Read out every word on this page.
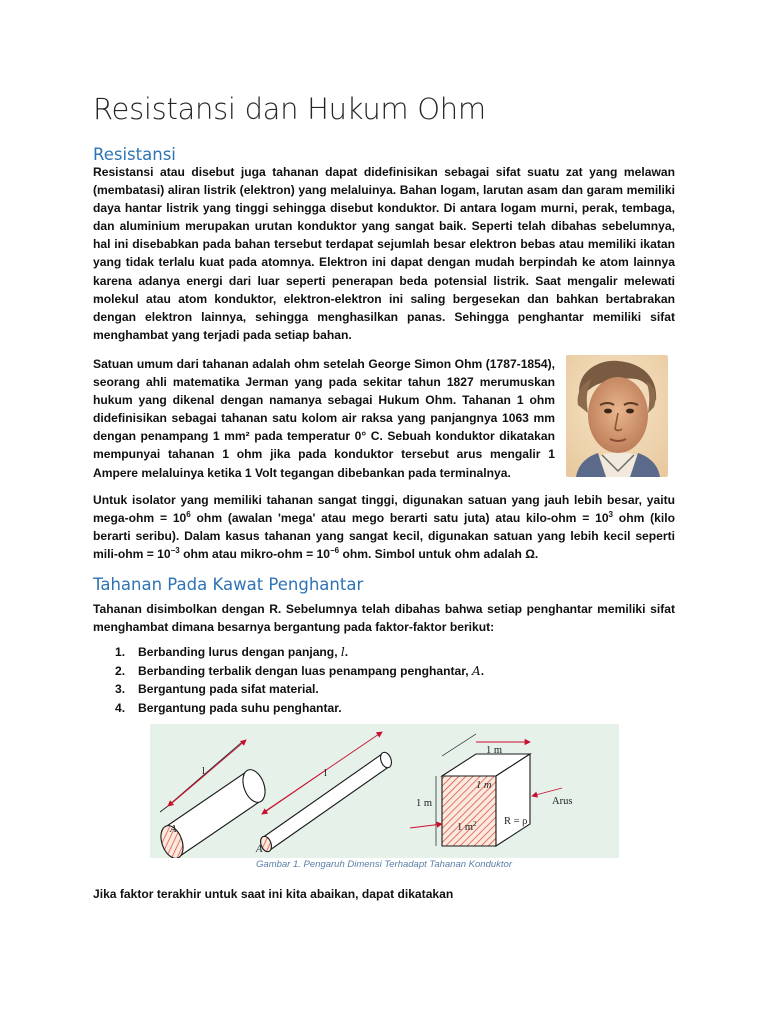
Resistansi dan Hukum Ohm
Resistansi

Resistansi atau disebut juga tahanan dapat didefinisikan sebagai sifat suatu zat yang melawan (membatasi) aliran listrik (elektron) yang melaluinya. Bahan logam, larutan asam dan garam memiliki daya hantar listrik yang tinggi sehingga disebut konduktor. Di antara logam murni, perak, tembaga, dan aluminium merupakan urutan konduktor yang sangat baik. Seperti telah dibahas sebelumnya, hal ini disebabkan pada bahan tersebut terdapat sejumlah besar elektron bebas atau memiliki ikatan yang tidak terlalu kuat pada atomnya. Elektron ini dapat dengan mudah berpindah ke atom lainnya karena adanya energi dari luar seperti penerapan beda potensial listrik. Saat mengalir melewati molekul atau atom konduktor, elektron-elektron ini saling bergesekan dan bahkan bertabrakan dengan elektron lainnya, sehingga menghasilkan panas. Sehingga penghantar memiliki sifat menghambat yang terjadi pada setiap bahan.

Satuan umum dari tahanan adalah ohm setelah George Simon Ohm (1787-1854), seorang ahli matematika Jerman yang pada sekitar tahun 1827 merumuskan hukum yang dikenal dengan namanya sebagai Hukum Ohm. Tahanan 1 ohm didefinisikan sebagai tahanan satu kolom air raksa yang panjangnya 1063 mm dengan penampang 1 mm² pada temperatur 0° C. Sebuah konduktor dikatakan mempunyai tahanan 1 ohm jika pada konduktor tersebut arus mengalir 1 Ampere melaluinya ketika 1 Volt tegangan dibebankan pada terminalnya.

Untuk isolator yang memiliki tahanan sangat tinggi, digunakan satuan yang jauh lebih besar, yaitu mega-ohm = $10^6$ ohm (awalan 'mega' atau mego berarti satu juta) atau kilo-ohm = $10^3$ ohm (kilo berarti seribu). Dalam kasus tahanan yang sangat kecil, digunakan satuan yang lebih kecil seperti mili-ohm = $10^{-3}$ ohm atau mikro-ohm = $10^{-6}$ ohm. Simbol untuk ohm adalah Ω.

Tahanan Pada Kawat Penghantar

Tahanan disimbolkan dengan R. Sebelumnya telah dibahas bahwa setiap penghantar memiliki sifat menghambat dimana besarnya bergantung pada faktor-faktor berikut:

1.	Berbanding lurus dengan panjang, l.
2.	Berbanding terbalik dengan luas penampang penghantar, A.
3.	Bergantung pada sifat material.
4.	Bergantung pada suhu penghantar.
l
A
l
A
1 m
1 m
1 m
1 $m^2$	R = ρ
Arus

Gambar 1. Pengaruh Dimensi Terhadapt Tahanan Konduktor

Jika faktor terakhir untuk saat ini kita abaikan, dapat dikatakan
